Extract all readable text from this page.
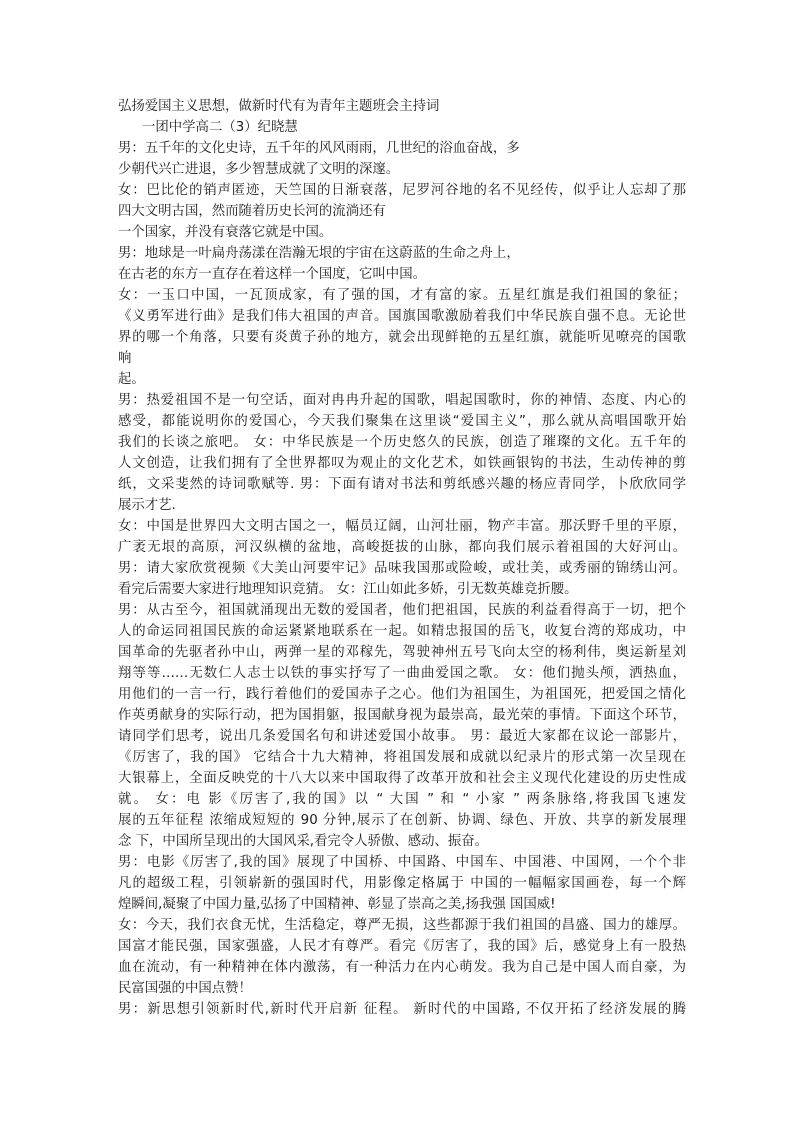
弘扬爱国主义思想，做新时代有为青年主题班会主持词
一团中学高二（3）纪晓慧
男：五千年的文化史诗，五千年的风风雨雨，几世纪的浴血奋战，多
少朝代兴亡进退，多少智慧成就了文明的深邃。
女：巴比伦的销声匿迹，天竺国的日渐衰落，尼罗河谷地的名不见经传，似乎让人忘却了那
四大文明古国，然而随着历史长河的流淌还有
一个国家，并没有衰落它就是中国。
男：地球是一叶扁舟荡漾在浩瀚无垠的宇宙在这蔚蓝的生命之舟上，
在古老的东方一直存在着这样一个国度，它叫中国。
女：一玉口中国，一瓦顶成家，有了强的国，才有富的家。五星红旗是我们祖国的象征；
《义勇军进行曲》是我们伟大祖国的声音。国旗国歌激励着我们中华民族自强不息。无论世
界的哪一个角落，只要有炎黄子孙的地方，就会出现鲜艳的五星红旗，就能听见嘹亮的国歌
响
起。
男：热爱祖国不是一句空话，面对冉冉升起的国歌，唱起国歌时，你的神情、态度、内心的
感受，都能说明你的爱国心，今天我们聚集在这里谈“爱国主义”，那么就从高唱国歌开始
我们的长谈之旅吧。 女：中华民族是一个历史悠久的民族，创造了璀璨的文化。五千年的
人文创造，让我们拥有了全世界都叹为观止的文化艺术，如铁画银钩的书法，生动传神的剪
纸，文采斐然的诗词歌赋等. 男：下面有请对书法和剪纸感兴趣的杨应青同学，卜欣欣同学
展示才艺.
女：中国是世界四大文明古国之一，幅员辽阔，山河壮丽，物产丰富。那沃野千里的平原，
广袤无垠的高原，河汉纵横的盆地，高峻挺拔的山脉，都向我们展示着祖国的大好河山。
男：请大家欣赏视频《大美山河要牢记》品味我国那或险峻，或壮美，或秀丽的锦绣山河。
看完后需要大家进行地理知识竞猜。 女：江山如此多娇，引无数英雄竞折腰。
男：从古至今，祖国就涌现出无数的爱国者，他们把祖国，民族的利益看得高于一切，把个
人的命运同祖国民族的命运紧紧地联系在一起。如精忠报国的岳飞，收复台湾的郑成功，中
国革命的先驱者孙中山，两弹一星的邓稼先，驾驶神州五号飞向太空的杨利伟，奥运新星刘
翔等等……无数仁人志士以铁的事实抒写了一曲曲爱国之歌。 女：他们抛头颅，洒热血，
用他们的一言一行，践行着他们的爱国赤子之心。他们为祖国生，为祖国死，把爱国之情化
作英勇献身的实际行动，把为国捐躯，报国献身视为最崇高，最光荣的事情。下面这个环节，
请同学们思考，说出几条爱国名句和讲述爱国小故事。 男：最近大家都在议论一部影片，
《厉害了，我的国》 它结合十九大精神，将祖国发展和成就以纪录片的形式第一次呈现在
大银幕上，全面反映党的十八大以来中国取得了改革开放和社会主义现代化建设的历史性成
就。 女：电 影《厉害了,我的国》以 “ 大国 ” 和 “ 小家 ” 两条脉络,将我国飞速发
展的五年征程 浓缩成短短的 90 分钟,展示了在创新、协调、绿色、开放、共享的新发展理
念 下，中国所呈现出的大国风采,看完令人骄傲、感动、振奋。
男：电影《厉害了,我的国》展现了中国桥、中国路、中国车、中国港、中国网，一个个非
凡的超级工程，引领崭新的强国时代，用影像定格属于 中国的一幅幅家国画卷，每一个辉
煌瞬间,凝聚了中国力量,弘扬了中国精神、彰显了崇高之美,扬我强 国国威!
女：今天，我们衣食无忧，生活稳定，尊严无损，这些都源于我们祖国的昌盛、国力的雄厚。
国富才能民强，国家强盛，人民才有尊严。看完《厉害了，我的国》后，感觉身上有一股热
血在流动，有一种精神在体内激荡，有一种活力在内心萌发。我为自己是中国人而自豪，为
民富国强的中国点赞！
男：新思想引领新时代,新时代开启新 征程。 新时代的中国路, 不仅开拓了经济发展的腾
